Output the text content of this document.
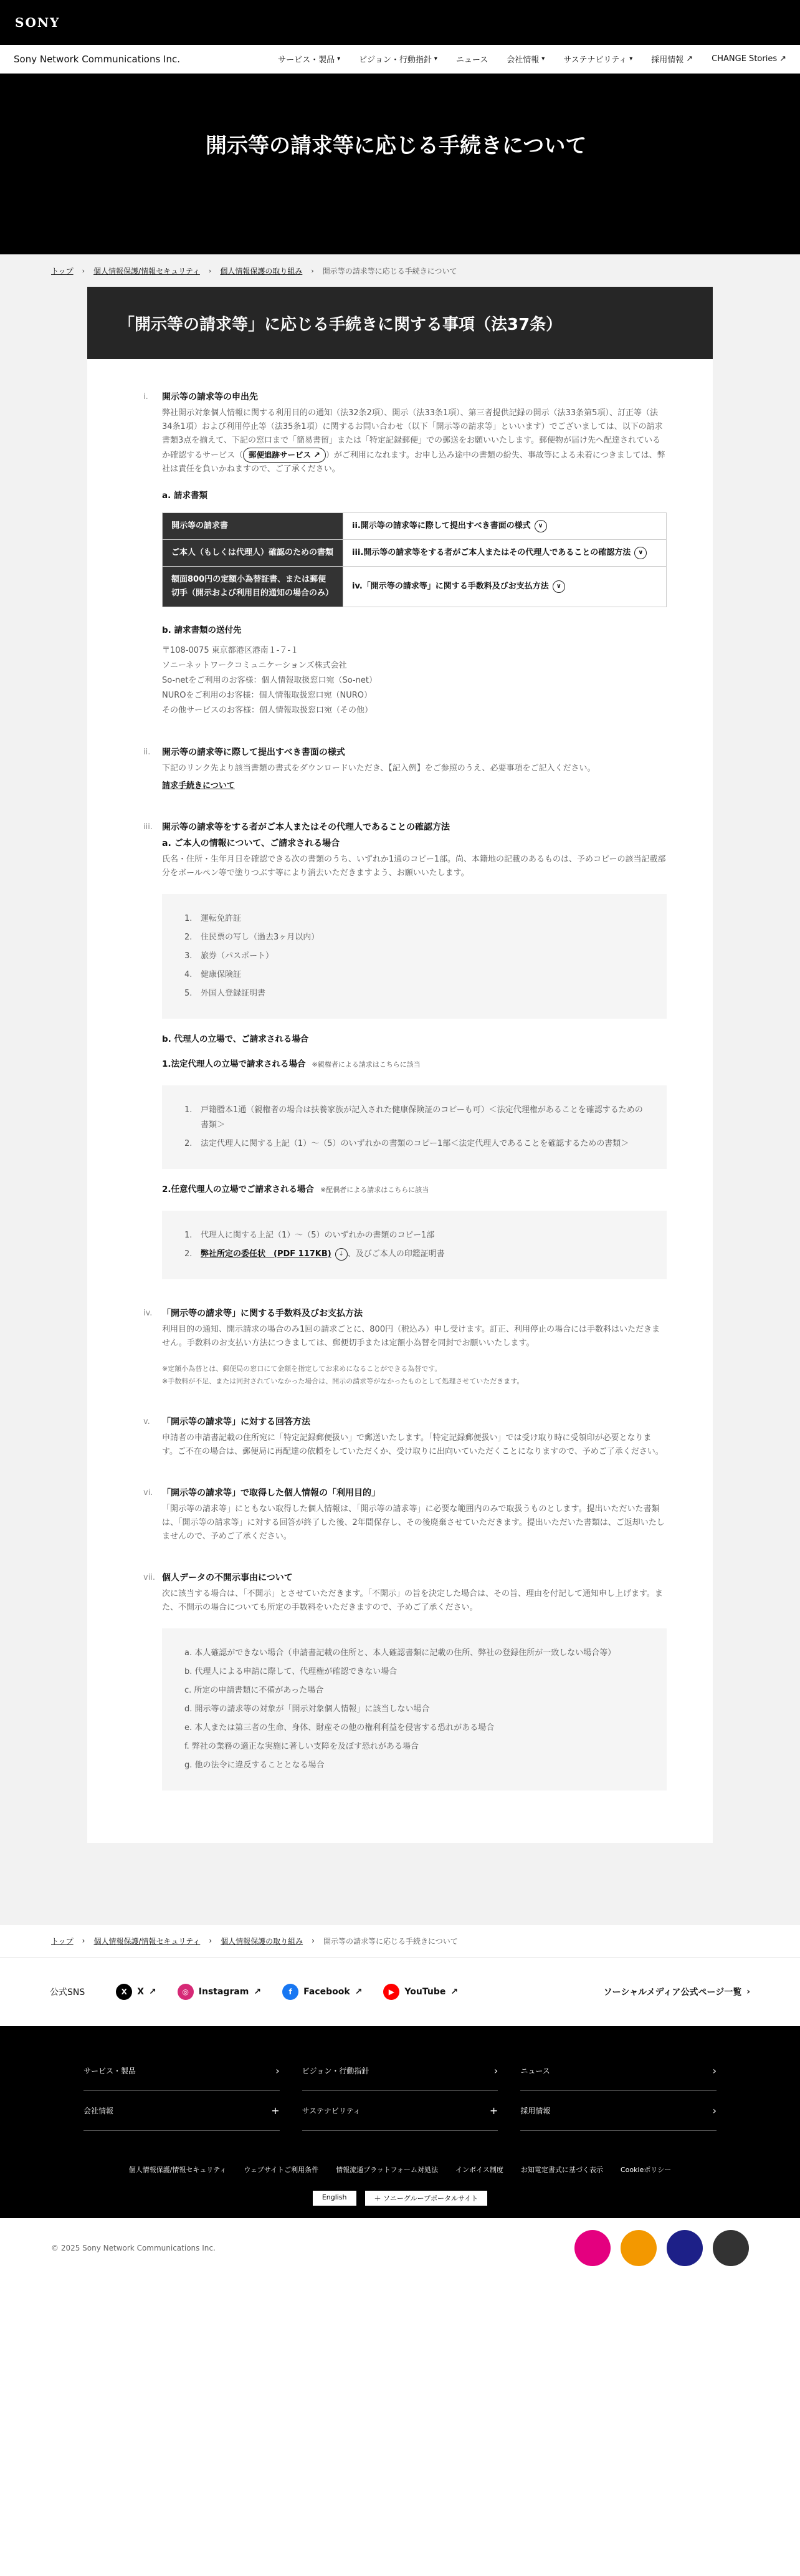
SONY
Sony Network Communications Inc.	サービス・製品 ▾ ビジョン・行動指針 ▾ ニュース 会社情報 ▾ サステナビリティ ▾ 採用情報 ↗ CHANGE Stories ↗
開示等の請求等に応じる手続きについて
トップ › 個人情報保護/情報セキュリティ › 個人情報保護の取り組み › 開示等の請求等に応じる手続きについて
「開示等の請求等」に応じる手続きに関する事項（法37条）
i. 開示等の請求等の申出先

弊社開示対象個人情報に関する利用目的の通知（法32条2項）、開示（法33条1項）、第三者提供記録の開示（法33条第5項）、訂正等（法34条1項）および利用停止等（法35条1項）に関するお問い合わせ（以下「開示等の請求等」といいます）でございましては、以下の請求書類3点を揃えて、下記の窓口まで「簡易書留」または「特定記録郵便」での郵送をお願いいたします。郵便物が届け先へ配達されているか確認するサービス（ 郵便追跡サービス ↗ ）がご利用になれます。お申し込み途中の書類の紛失、事故等による未着につきましては、弊社は責任を負いかねますので、ご了承ください。

a. 請求書類
開示等の請求書	ii.開示等の請求等に際して提出すべき書面の様式 ∨
ご本人（もしくは代理人）確認のための書類	iii.開示等の請求等をする者がご本人またはその代理人であることの確認方法 ∨
額面800円の定額小為替証書、または郵便切手（開示および利用目的通知の場合のみ）	iv.「開示等の請求等」に関する手数料及びお支払方法 ∨
b. 請求書類の送付先
〒108-0075 東京都港区港南１-７-１
ソニーネットワークコミュニケーションズ株式会社
So-netをご利用のお客様：個人情報取扱窓口宛（So-net）
NUROをご利用のお客様：個人情報取扱窓口宛（NURO）
その他サービスのお客様：個人情報取扱窓口宛（その他）
ii. 開示等の請求等に際して提出すべき書面の様式

下記のリンク先より該当書類の書式をダウンロードいただき、【記入例】をご参照のうえ、必要事項をご記入ください。

請求手続きについて
iii. 開示等の請求等をする者がご本人またはその代理人であることの確認方法
a. ご本人の情報について、ご請求される場合

氏名・住所・生年月日を確認できる次の書類のうち、いずれか1通のコピー1部。尚、本籍地の記載のあるものは、予めコピーの該当記載部分をボールペン等で塗りつぶす等により消去いただきますよう、お願いいたします。

1.	運転免許証
2.	住民票の写し（過去3ヶ月以内）
3.	旅券（パスポート）
4.	健康保険証
5.	外国人登録証明書
b. 代理人の立場で、ご請求される場合
1.法定代理人の立場で請求される場合 ※親権者による請求はこちらに該当
1.	戸籍謄本1通（親権者の場合は扶養家族が記入された健康保険証のコピーも可）＜法定代理権があることを確認するための書類＞
2.	法定代理人に関する上記（1）～（5）のいずれかの書類のコピー1部＜法定代理人であることを確認するための書類＞
2.任意代理人の立場でご請求される場合 ※配偶者による請求はこちらに該当
1.	代理人に関する上記（1）～（5）のいずれかの書類のコピー1部
2.	弊社所定の委任状　(PDF 117KB) ↓ 、及びご本人の印鑑証明書
iv. 「開示等の請求等」に関する手数料及びお支払方法

利用目的の通知、開示請求の場合のみ1回の請求ごとに、800円（税込み）申し受けます。訂正、利用停止の場合には手数料はいただきません。手数料のお支払い方法につきましては、郵便切手または定額小為替を同封でお願いいたします。

※定額小為替とは、郵便局の窓口にて金額を指定してお求めになることができる為替です。
※手数料が不足、または同封されていなかった場合は、開示の請求等がなかったものとして処理させていただきます。
v. 「開示等の請求等」に対する回答方法

申請者の申請書記載の住所宛に「特定記録郵便扱い」で郵送いたします。「特定記録郵便扱い」では受け取り時に受領印が必要となります。ご不在の場合は、郵便局に再配達の依頼をしていただくか、受け取りに出向いていただくことになりますので、予めご了承ください。

vi. 「開示等の請求等」で取得した個人情報の「利用目的」

「開示等の請求等」にともない取得した個人情報は、「開示等の請求等」に必要な範囲内のみで取扱うものとします。提出いただいた書類は、「開示等の請求等」に対する回答が終了した後、2年間保存し、その後廃棄させていただきます。提出いただいた書類は、ご返却いたしませんので、予めご了承ください。

vii. 個人データの不開示事由について

次に該当する場合は、「不開示」とさせていただきます。「不開示」の旨を決定した場合は、その旨、理由を付記して通知申し上げます。また、不開示の場合についても所定の手数料をいただきますので、予めご了承ください。

a. 本人確認ができない場合（申請書記載の住所と、本人確認書類に記載の住所、弊社の登録住所が一致しない場合等）
b. 代理人による申請に際して、代理権が確認できない場合
c. 所定の申請書類に不備があった場合
d. 開示等の請求等の対象が「開示対象個人情報」に該当しない場合
e. 本人または第三者の生命、身体、財産その他の権利利益を侵害する恐れがある場合
f. 弊社の業務の適正な実施に著しい支障を及ぼす恐れがある場合
g. 他の法令に違反することとなる場合
トップ › 個人情報保護/情報セキュリティ › 個人情報保護の取り組み › 開示等の請求等に応じる手続きについて
公式SNS	X	X ↗	◎	Instagram ↗	f	Facebook ↗	▶	YouTube ↗	ソーシャルメディア公式ページ一覧 ›
サービス・製品	›	ビジョン・行動指針	›	ニュース	›
会社情報	+	サステナビリティ	+	採用情報	›
個人情報保護/情報セキュリティ	ウェブサイトご利用条件	情報流通プラットフォーム対処法	インボイス制度	お知電定書式に基づく表示	Cookieポリシー
English	＋ ソニーグループポータルサイト
© 2025 Sony Network Communications Inc.
